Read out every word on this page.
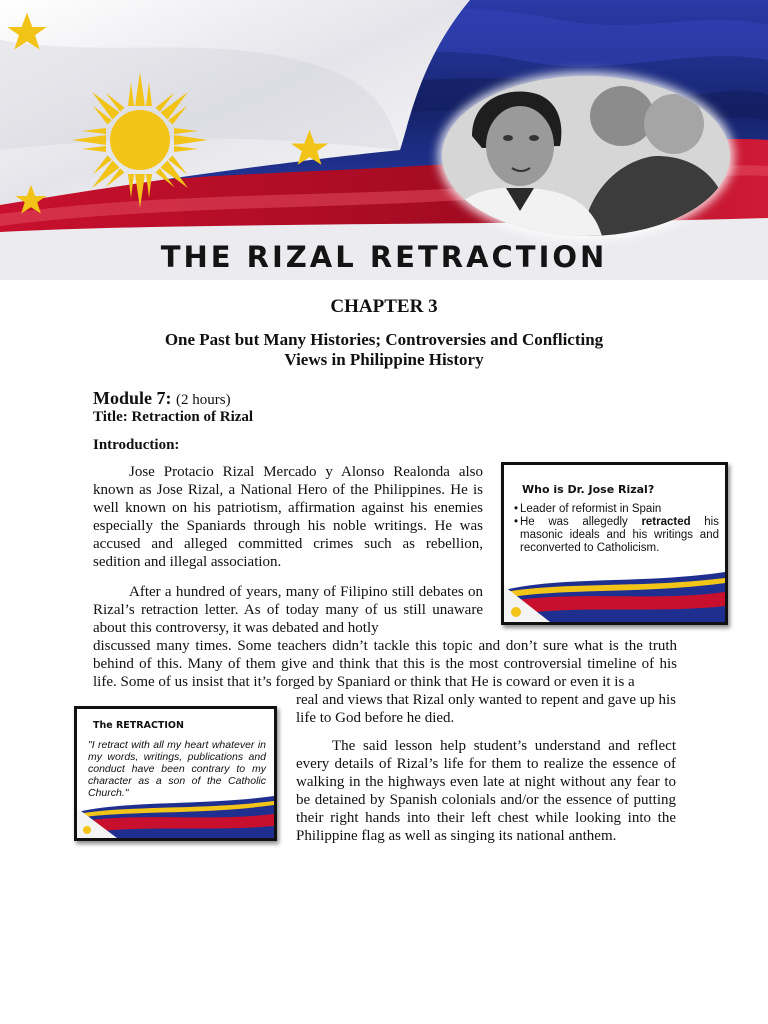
THE RIZAL RETRACTION
CHAPTER 3
One Past but Many Histories; Controversies and Conflicting
Views in Philippine History
Module 7: (2 hours)
Title: Retraction of Rizal
Introduction:

Jose Protacio Rizal Mercado y Alonso Realonda also known as Jose Rizal, a National Hero of the Philippines. He is well known on his patriotism, affirmation against his enemies especially the Spaniards through his noble writings. He was accused and alleged committed crimes such as rebellion, sedition and illegal association.

After a hundred of years, many of Filipino still debates on Rizal’s retraction letter. As of today many of us still unaware about this controversy, it was debated and hotly

discussed many times. Some teachers didn’t tackle this topic and don’t sure what is the truth behind of this. Many of them give and think that this is the most controversial timeline of his life. Some of us insist that it’s forged by Spaniard or think that He is coward or even it is a

real and views that Rizal only wanted to repent and gave up his life to God before he died.

The said lesson help student’s understand and reflect every details of Rizal’s life for them to realize the essence of walking in the highways even late at night without any fear to be detained by Spanish colonials and/or the essence of putting their right hands into their left chest while looking into the Philippine flag as well as singing its national anthem.

Who is Dr. Jose Rizal?
• Leader of reformist in Spain
• He was allegedly retracted his masonic ideals and his writings and reconverted to Catholicism.
The RETRACTION
"I retract with all my heart whatever in my words, writings, publications and conduct have been contrary to my character as a son of the Catholic Church."
